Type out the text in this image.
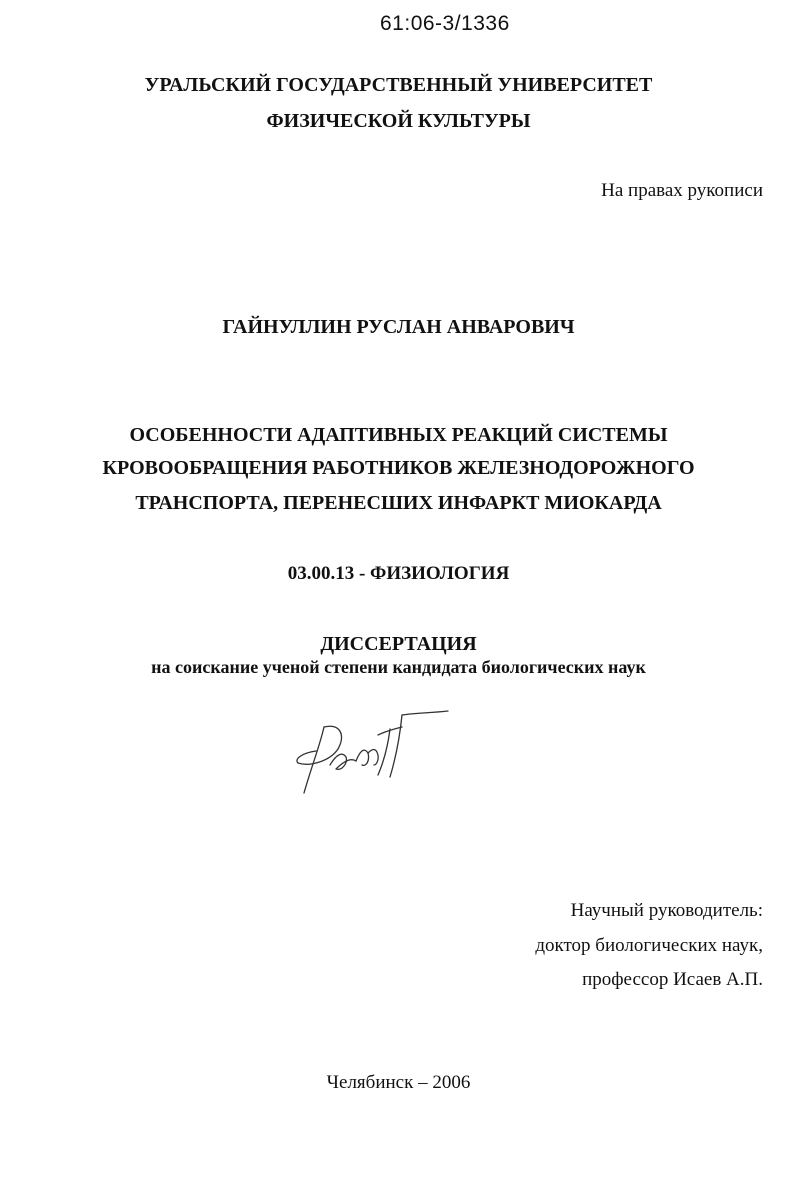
61:06-3/1336
УРАЛЬСКИЙ ГОСУДАРСТВЕННЫЙ УНИВЕРСИТЕТ
ФИЗИЧЕСКОЙ КУЛЬТУРЫ
На правах рукописи
ГАЙНУЛЛИН РУСЛАН АНВАРОВИЧ
ОСОБЕННОСТИ АДАПТИВНЫХ РЕАКЦИЙ СИСТЕМЫ
КРОВООБРАЩЕНИЯ РАБОТНИКОВ ЖЕЛЕЗНОДОРОЖНОГО
ТРАНСПОРТА, ПЕРЕНЕСШИХ ИНФАРКТ МИОКАРДА
03.00.13 - ФИЗИОЛОГИЯ
ДИССЕРТАЦИЯ
на соискание ученой степени кандидата биологических наук
Научный руководитель:
доктор биологических наук,
профессор Исаев А.П.
Челябинск – 2006
